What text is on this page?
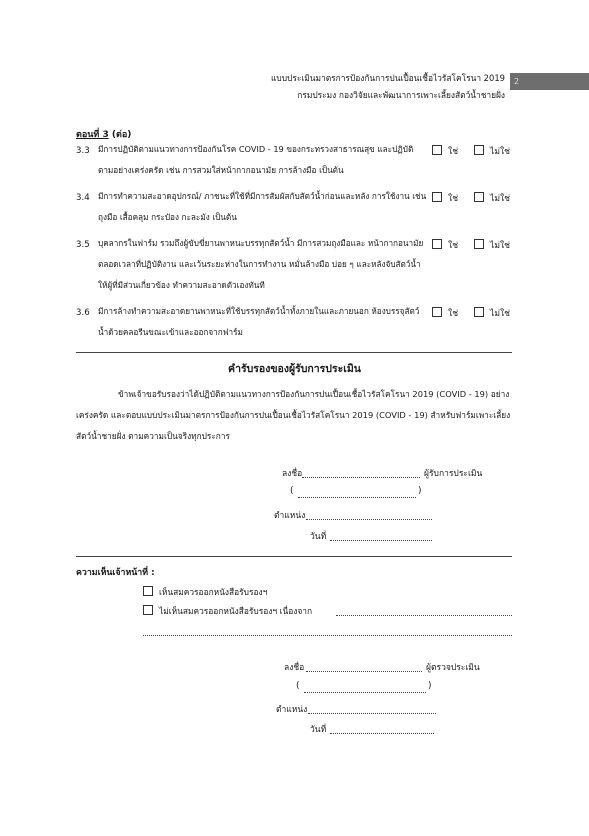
แบบประเมินมาตรการป้องกันการปนเปื้อนเชื้อไวรัสโคโรนา 2019
กรมประมง กองวิจัยและพัฒนาการเพาะเลี้ยงสัตว์น้ำชายฝั่ง
2
ตอนที่ 3 (ต่อ)
3.3 มีการปฏิบัติตามแนวทางการป้องกันโรค COVID - 19 ของกระทรวงสาธารณสุข และปฏิบัติตามอย่างเคร่งครัด เช่น การสวมใส่หน้ากากอนามัย การล้างมือ เป็นต้น
ใช่	ไม่ใช่
3.4 มีการทำความสะอาดอุปกรณ์/ ภาชนะที่ใช้ที่มีการสัมผัสกับสัตว์น้ำก่อนและหลัง การใช้งาน เช่น ถุงมือ เสื้อคลุม กระป๋อง กะละมัง เป็นต้น
ใช่	ไม่ใช่
3.5 บุคลากรในฟาร์ม รวมถึงผู้ขับขี่ยานพาหนะบรรทุกสัตว์น้ำ มีการสวมถุงมือและ หน้ากากอนามัยตลอดเวลาที่ปฏิบัติงาน และเว้นระยะห่างในการทำงาน หมั่นล้างมือ บ่อย ๆ และหลังจับสัตว์น้ำให้ผู้ที่มีส่วนเกี่ยวข้อง ทำความสะอาดตัวเองทันที
ใช่	ไม่ใช่
3.6 มีการล้างทำความสะอาดยานพาหนะที่ใช้บรรทุกสัตว์น้ำทั้งภายในและภายนอก ห้องบรรจุสัตว์น้ำด้วยคลอรีนขณะเข้าและออกจากฟาร์ม
ใช่	ไม่ใช่
คำรับรองของผู้รับการประเมิน
ข้าพเจ้าขอรับรองว่าได้ปฏิบัติตามแนวทางการป้องกันการปนเปื้อนเชื้อไวรัสโคโรนา 2019 (COVID - 19) อย่างเคร่งครัด และตอบแบบประเมินมาตรการป้องกันการปนเปื้อนเชื้อไวรัสโคโรนา 2019 (COVID - 19) สำหรับฟาร์มเพาะเลี้ยงสัตว์น้ำชายฝั่ง ตามความเป็นจริงทุกประการ
ลงชื่อ	ผู้รับการประเมิน
(	)
ตำแหน่ง
วันที่
ความเห็นเจ้าหน้าที่ :
เห็นสมควรออกหนังสือรับรองฯ
ไม่เห็นสมควรออกหนังสือรับรองฯ เนื่องจาก
ลงชื่อ	ผู้ตรวจประเมิน
(	)
ตำแหน่ง
วันที่
